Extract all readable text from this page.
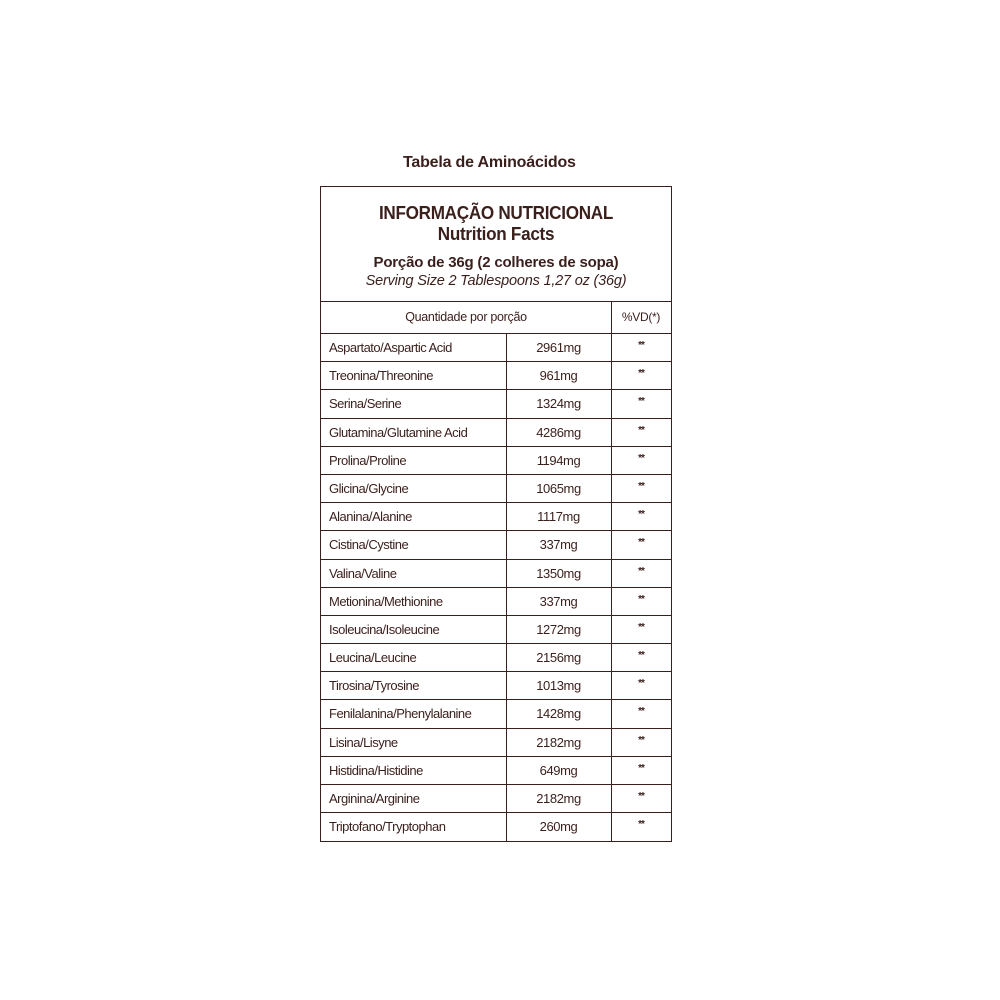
Tabela de Aminoácidos
INFORMAÇÃO NUTRICIONAL
Nutrition Facts
Porção de 36g (2 colheres de sopa)
Serving Size 2 Tablespoons 1,27 oz (36g)
Quantidade por porção	%VD(*)
Aspartato/Aspartic Acid	2961mg	**
Treonina/Threonine	961mg	**
Serina/Serine	1324mg	**
Glutamina/Glutamine Acid	4286mg	**
Prolina/Proline	1194mg	**
Glicina/Glycine	1065mg	**
Alanina/Alanine	1117mg	**
Cistina/Cystine	337mg	**
Valina/Valine	1350mg	**
Metionina/Methionine	337mg	**
Isoleucina/Isoleucine	1272mg	**
Leucina/Leucine	2156mg	**
Tirosina/Tyrosine	1013mg	**
Fenilalanina/Phenylalanine	1428mg	**
Lisina/Lisyne	2182mg	**
Histidina/Histidine	649mg	**
Arginina/Arginine	2182mg	**
Triptofano/Tryptophan	260mg	**
